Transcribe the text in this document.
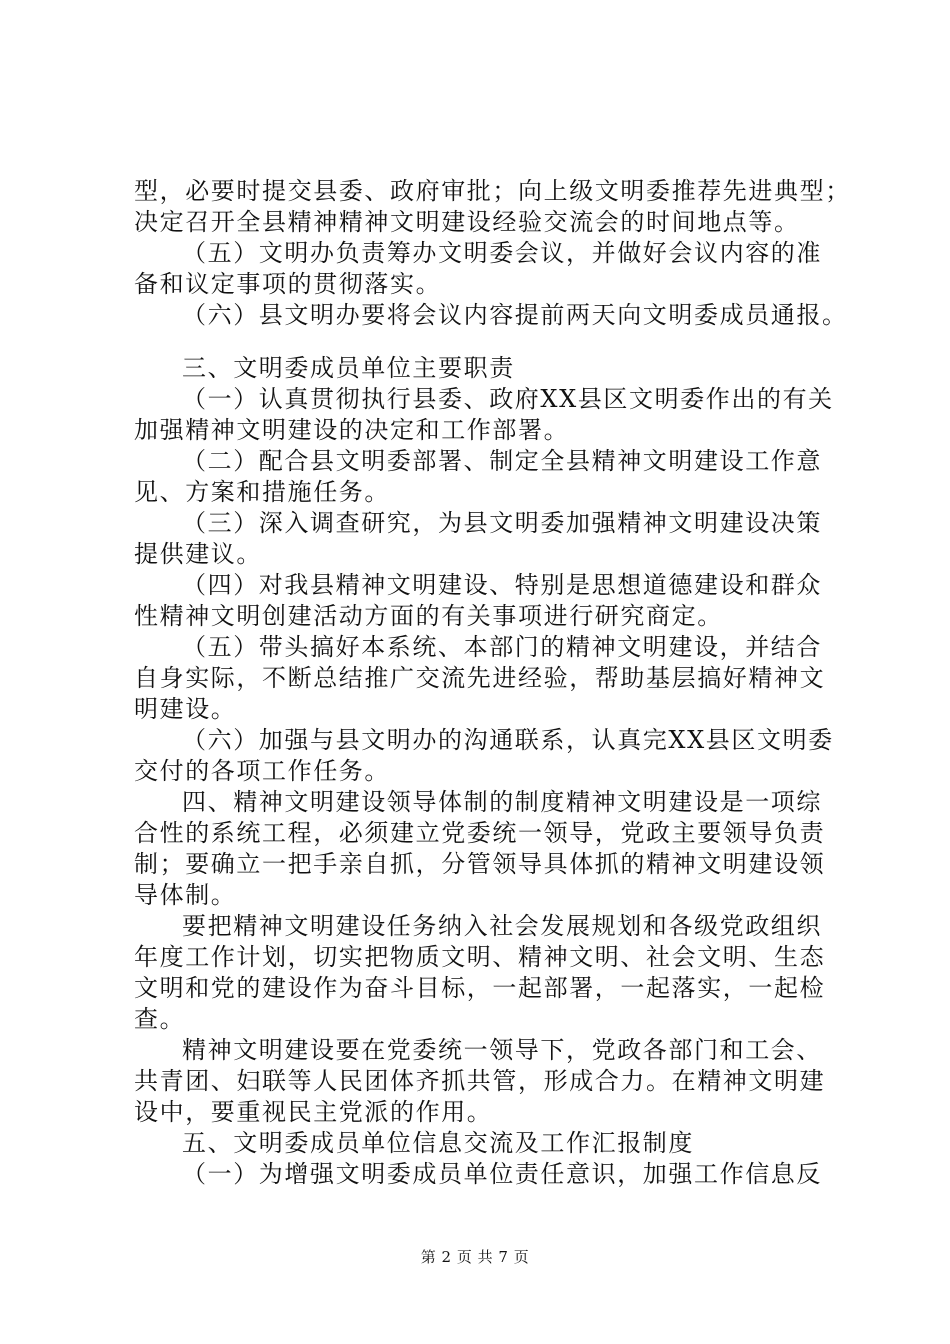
型，必要时提交县委、政府审批；向上级文明委推荐先进典型；
决定召开全县精神精神文明建设经验交流会的时间地点等。
（五）文明办负责筹办文明委会议，并做好会议内容的准
备和议定事项的贯彻落实。
（六）县文明办要将会议内容提前两天向文明委成员通报。
三、文明委成员单位主要职责
（一）认真贯彻执行县委、政府XX县区文明委作出的有关
加强精神文明建设的决定和工作部署。
（二）配合县文明委部署、制定全县精神文明建设工作意
见、方案和措施任务。
（三）深入调查研究，为县文明委加强精神文明建设决策
提供建议。
（四）对我县精神文明建设、特别是思想道德建设和群众
性精神文明创建活动方面的有关事项进行研究商定。
（五）带头搞好本系统、本部门的精神文明建设，并结合
自身实际，不断总结推广交流先进经验，帮助基层搞好精神文
明建设。
（六）加强与县文明办的沟通联系，认真完XX县区文明委
交付的各项工作任务。
四、精神文明建设领导体制的制度精神文明建设是一项综
合性的系统工程，必须建立党委统一领导，党政主要领导负责
制；要确立一把手亲自抓，分管领导具体抓的精神文明建设领
导体制。
要把精神文明建设任务纳入社会发展规划和各级党政组织
年度工作计划，切实把物质文明、精神文明、社会文明、生态
文明和党的建设作为奋斗目标，一起部署，一起落实，一起检
查。
精神文明建设要在党委统一领导下，党政各部门和工会、
共青团、妇联等人民团体齐抓共管，形成合力。在精神文明建
设中，要重视民主党派的作用。
五、文明委成员单位信息交流及工作汇报制度
（一）为增强文明委成员单位责任意识，加强工作信息反
第 2 页 共 7 页
